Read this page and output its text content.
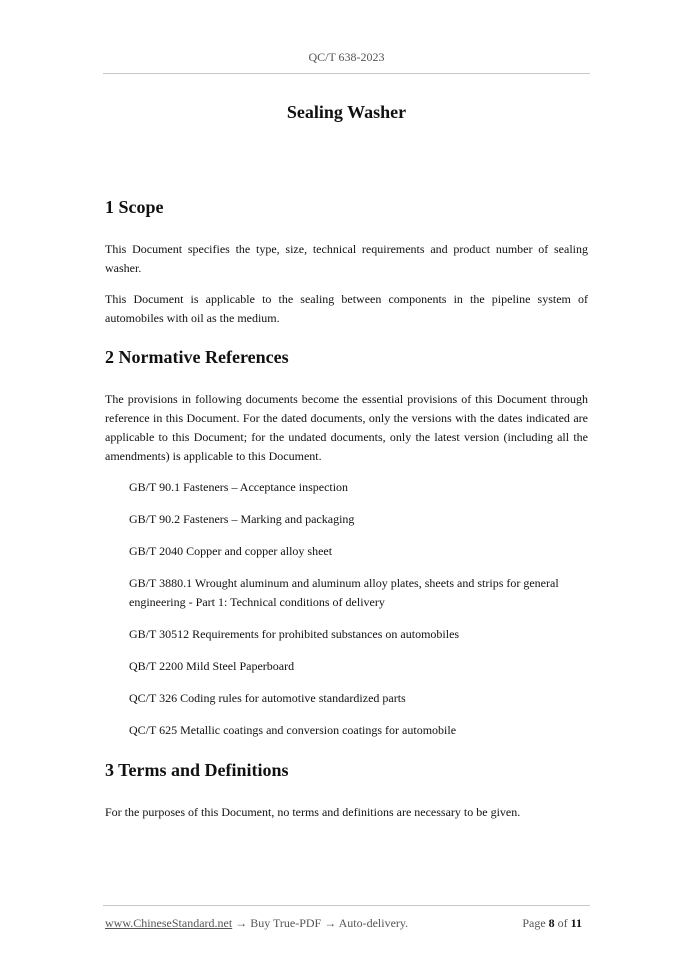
QC/T 638-2023
Sealing Washer
1 Scope

This Document specifies the type, size, technical requirements and product number of sealing washer.

This Document is applicable to the sealing between components in the pipeline system of automobiles with oil as the medium.

2 Normative References

The provisions in following documents become the essential provisions of this Document through reference in this Document. For the dated documents, only the versions with the dates indicated are applicable to this Document; for the undated documents, only the latest version (including all the amendments) is applicable to this Document.

GB/T 90.1 Fasteners – Acceptance inspection

GB/T 90.2 Fasteners – Marking and packaging

GB/T 2040 Copper and copper alloy sheet

GB/T 3880.1 Wrought aluminum and aluminum alloy plates, sheets and strips for general engineering - Part 1: Technical conditions of delivery

GB/T 30512 Requirements for prohibited substances on automobiles

QB/T 2200 Mild Steel Paperboard

QC/T 326 Coding rules for automotive standardized parts

QC/T 625 Metallic coatings and conversion coatings for automobile

3 Terms and Definitions

For the purposes of this Document, no terms and definitions are necessary to be given.

www.ChineseStandard.net → Buy True-PDF → Auto-delivery.	Page 8 of 11
